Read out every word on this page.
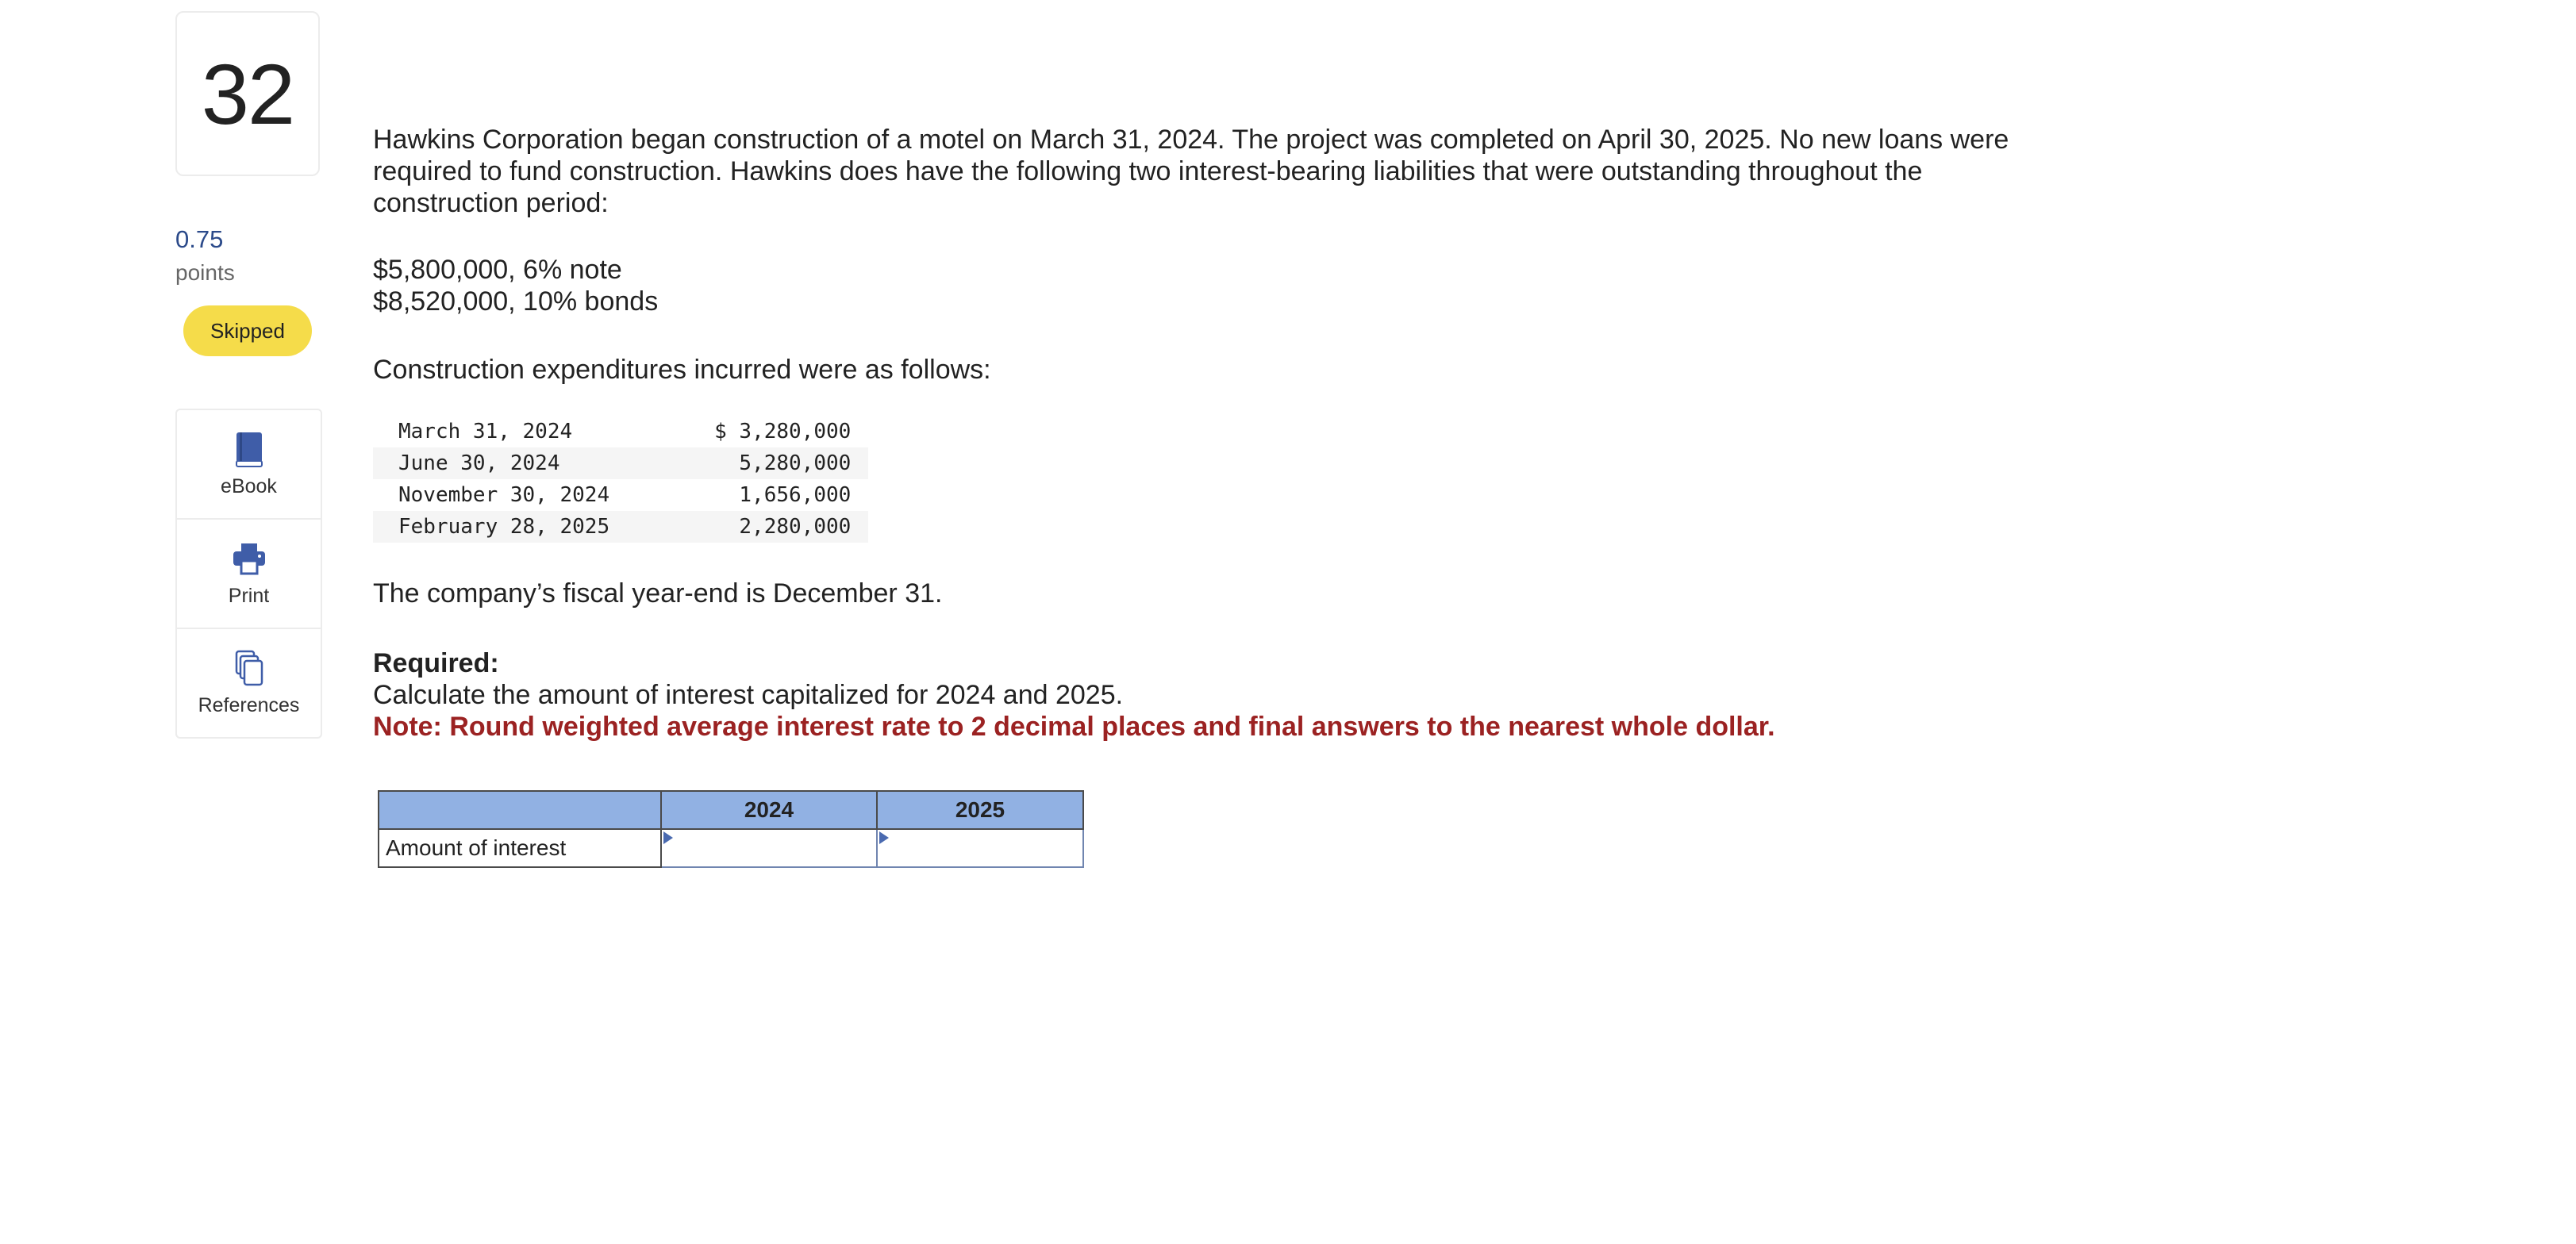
32
0.75
points
Skipped
eBook
Print
References

Hawkins Corporation began construction of a motel on March 31, 2024. The project was completed on April 30, 2025. No new loans were required to fund construction. Hawkins does have the following two interest-bearing liabilities that were outstanding throughout the construction period:

$5,800,000, 6% note
$8,520,000, 10% bonds

Construction expenditures incurred were as follows:

March 31, 2024	$ 3,280,000
June 30, 2024	5,280,000
November 30, 2024	1,656,000
February 28, 2025	2,280,000

The company’s fiscal year-end is December 31.

Required:
Calculate the amount of interest capitalized for 2024 and 2025.
Note: Round weighted average interest rate to 2 decimal places and final answers to the nearest whole dollar.
	2024	2025
Amount of interest	
